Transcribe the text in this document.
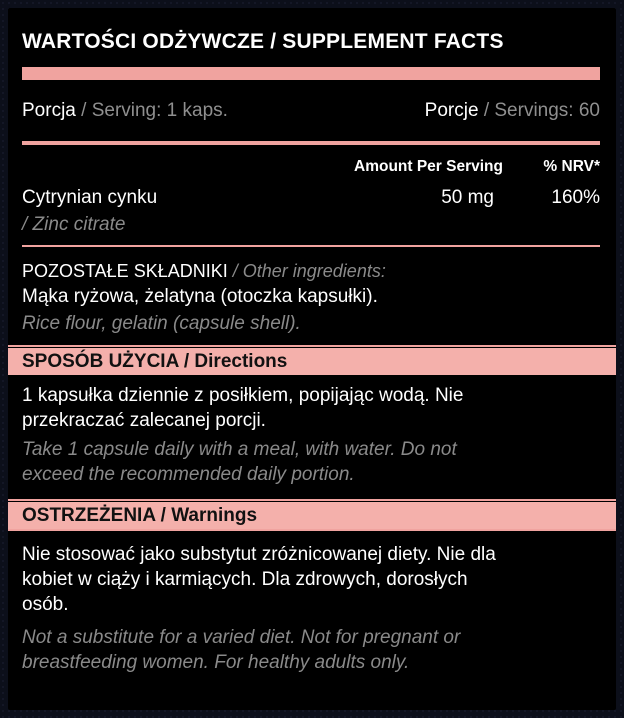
WARTOŚCI ODŻYWCZE / SUPPLEMENT FACTS
Porcja / Serving: 1 kaps.	Porcje / Servings: 60
Amount Per Serving	% NRV*
Cytrynian cynku
/ Zinc citrate
50 mg	160%
POZOSTAŁE SKŁADNIKI / Other ingredients:
Mąka ryżowa, żelatyna (otoczka kapsułki).
Rice flour, gelatin (capsule shell).
SPOSÓB UŻYCIA / Directions
1 kapsułka dziennie z posiłkiem, popijając wodą. Nie
przekraczać zalecanej porcji.
Take 1 capsule daily with a meal, with water. Do not
exceed the recommended daily portion.
OSTRZEŻENIA / Warnings
Nie stosować jako substytut zróżnicowanej diety. Nie dla
kobiet w ciąży i karmiących. Dla zdrowych, dorosłych
osób.
Not a substitute for a varied diet. Not for pregnant or
breastfeeding women. For healthy adults only.
